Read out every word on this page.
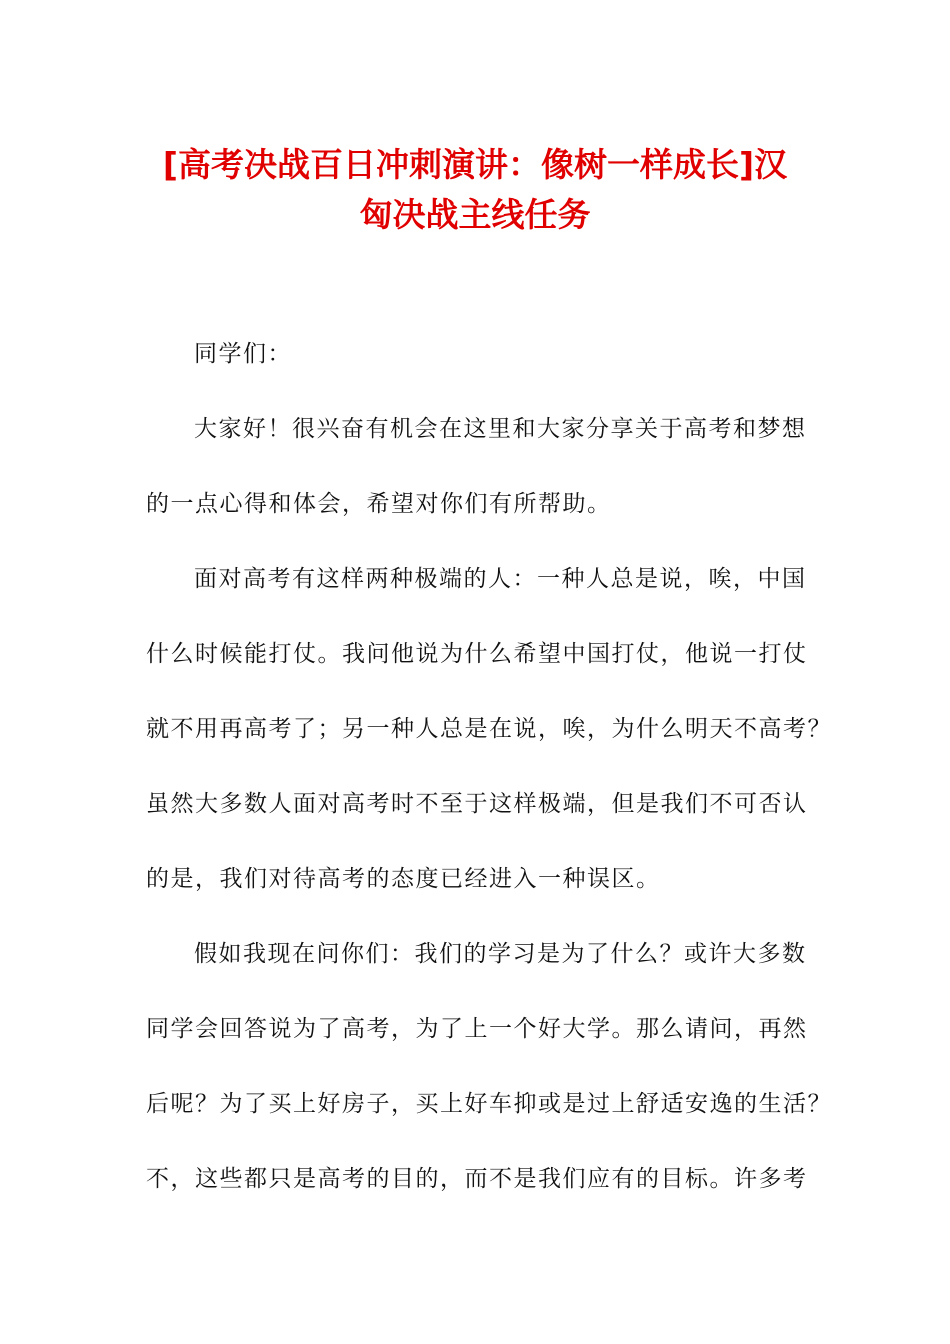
[高考决战百日冲刺演讲：像树一样成长]汉
匈决战主线任务
同学们：
大家好！很兴奋有机会在这里和大家分享关于高考和梦想
的一点心得和体会，希望对你们有所帮助。
面对高考有这样两种极端的人：一种人总是说，唉，中国
什么时候能打仗。我问他说为什么希望中国打仗，他说一打仗
就不用再高考了；另一种人总是在说，唉，为什么明天不高考？
虽然大多数人面对高考时不至于这样极端，但是我们不可否认
的是，我们对待高考的态度已经进入一种误区。
假如我现在问你们：我们的学习是为了什么？或许大多数
同学会回答说为了高考，为了上一个好大学。那么请问，再然
后呢？为了买上好房子，买上好车抑或是过上舒适安逸的生活？
不，这些都只是高考的目的，而不是我们应有的目标。许多考
